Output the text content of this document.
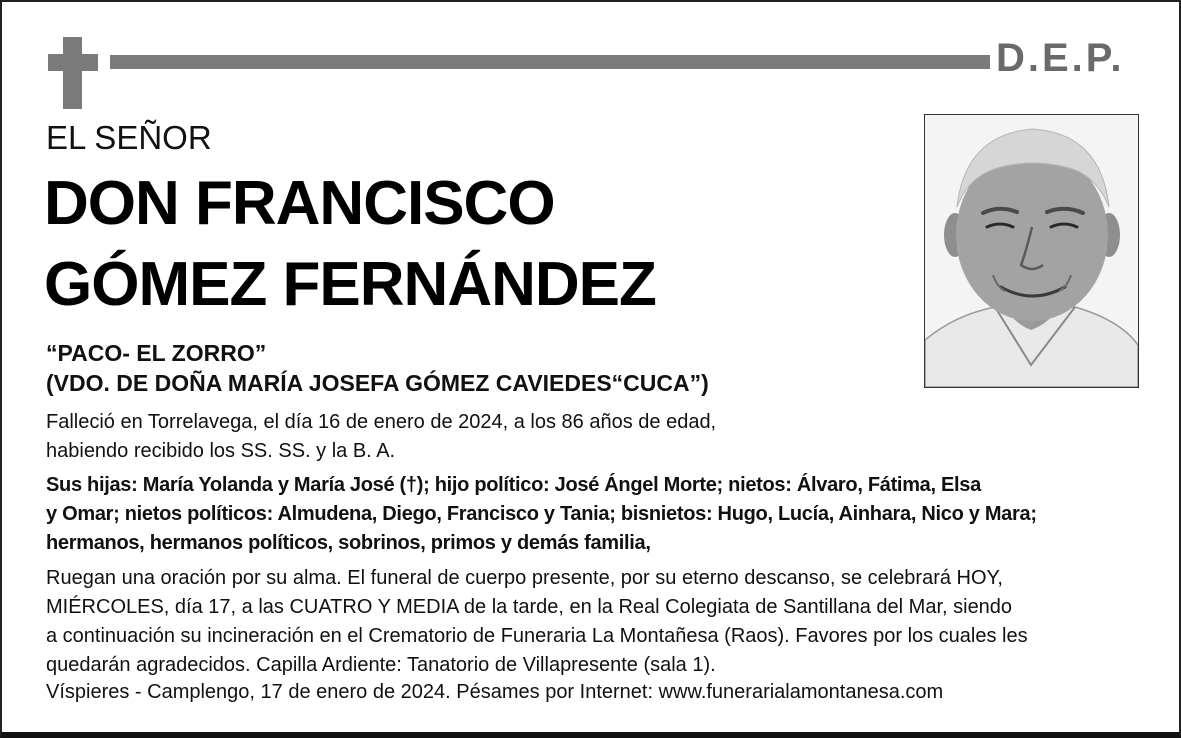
D.E.P.
EL SEÑOR
DON FRANCISCO
GÓMEZ FERNÁNDEZ
“PACO- EL ZORRO”
(VDO. DE DOÑA MARÍA JOSEFA GÓMEZ CAVIEDES“CUCA”)
Falleció en Torrelavega, el día 16 de enero de 2024, a los 86 años de edad,
habiendo recibido los SS. SS. y la B. A.
Sus hijas: María Yolanda y María José (†); hijo político: José Ángel Morte; nietos: Álvaro, Fátima, Elsa
y Omar; nietos políticos: Almudena, Diego, Francisco y Tania; bisnietos: Hugo, Lucía, Ainhara, Nico y Mara;
hermanos, hermanos políticos, sobrinos, primos y demás familia,
Ruegan una oración por su alma. El funeral de cuerpo presente, por su eterno descanso, se celebrará HOY,
MIÉRCOLES, día 17, a las CUATRO Y MEDIA de la tarde, en la Real Colegiata de Santillana del Mar, siendo
a continuación su incineración en el Crematorio de Funeraria La Montañesa (Raos). Favores por los cuales les
quedarán agradecidos. Capilla Ardiente: Tanatorio de Villapresente (sala 1).
Víspieres - Camplengo, 17 de enero de 2024. Pésames por Internet: www.funerarialamontanesa.com
